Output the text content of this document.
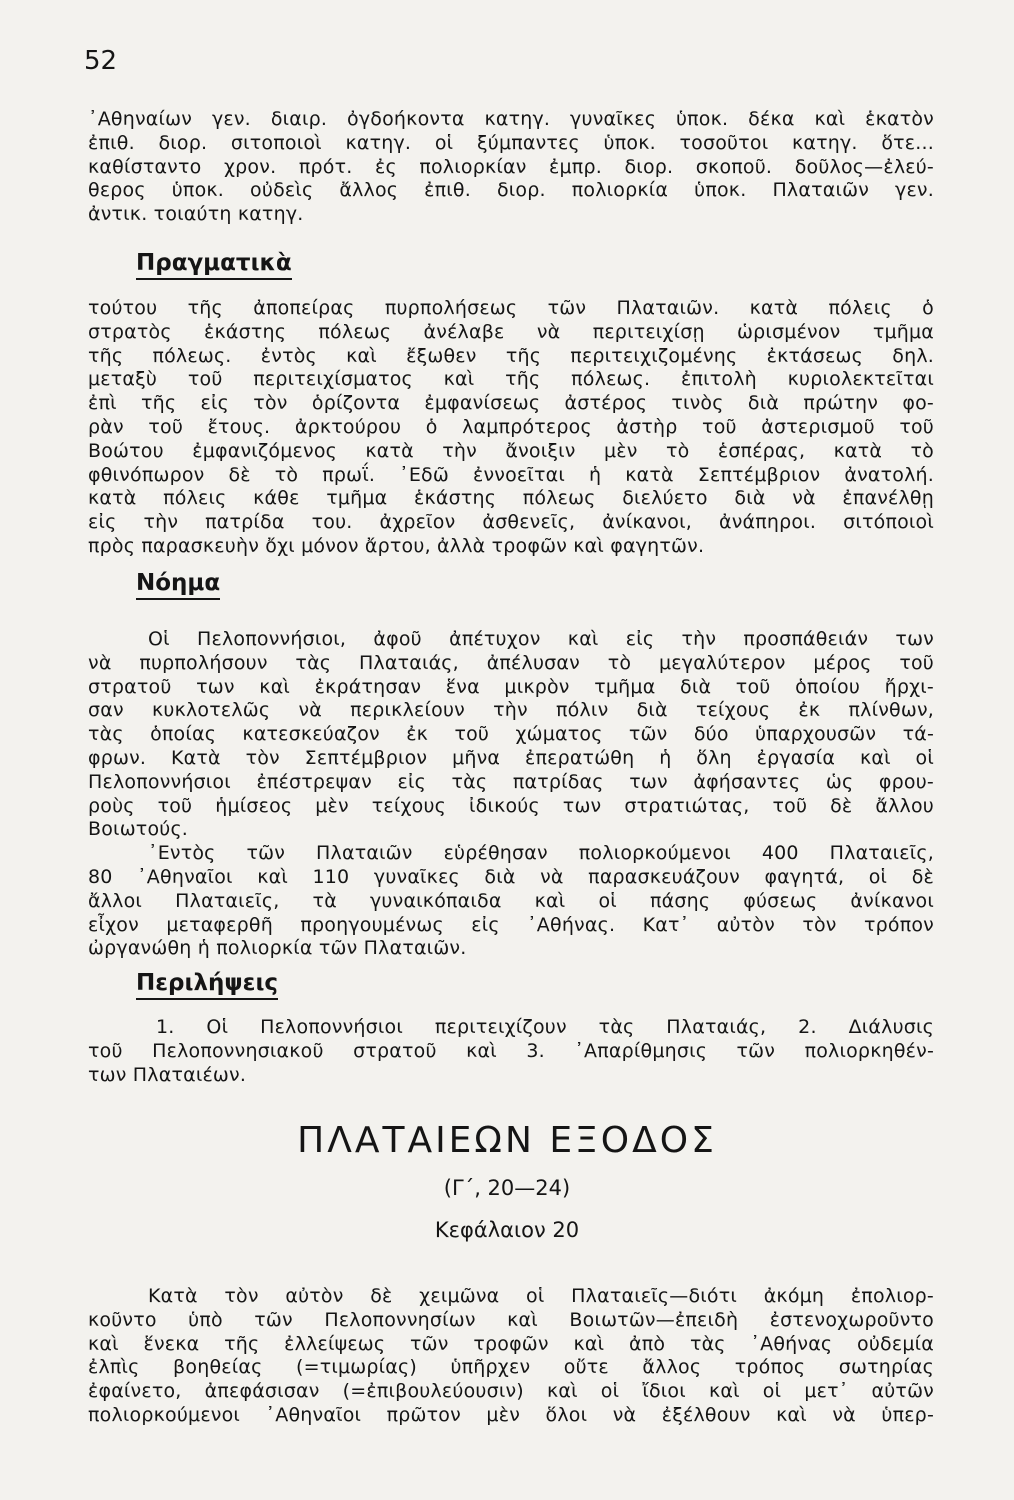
52
᾿Αθηναίων γεν. διαιρ. ὀγδοήκοντα κατηγ. γυναῖκες ὑποκ. δέκα καὶ ἑκατὸν
ἐπιθ. διορ. σιτοποιοὶ κατηγ. οἱ ξύμπαντες ὑποκ. τοσοῦτοι κατηγ. ὅτε...
καθίσταντο χρον. πρότ. ἐς πολιορκίαν ἐμπρ. διορ. σκοποῦ. δοῦλος—ἐλεύ-
θερος ὑποκ. οὐδεὶς ἄλλος ἐπιθ. διορ. πολιορκία ὑποκ. Πλαταιῶν γεν.
ἀντικ. τοιαύτη κατηγ.
Πραγματικὰ
τούτου τῆς ἀποπείρας πυρπολήσεως τῶν Πλαταιῶν. κατὰ πόλεις ὁ
στρατὸς ἑκάστης πόλεως ἀνέλαβε νὰ περιτειχίσῃ ὡρισμένον τμῆμα
τῆς πόλεως. ἐντὸς καὶ ἔξωθεν τῆς περιτειχιζομένης ἐκτάσεως δηλ.
μεταξὺ τοῦ περιτειχίσματος καὶ τῆς πόλεως. ἐπιτολὴ κυριολεκτεῖται
ἐπὶ τῆς εἰς τὸν ὁρίζοντα ἐμφανίσεως ἀστέρος τινὸς διὰ πρώτην φο-
ρὰν τοῦ ἔτους. ἀρκτούρου ὁ λαμπρότερος ἀστὴρ τοῦ ἀστερισμοῦ τοῦ
Βοώτου ἐμφανιζόμενος κατὰ τὴν ἄνοιξιν μὲν τὸ ἑσπέρας, κατὰ τὸ
φθινόπωρον δὲ τὸ πρωΐ. ᾿Εδῶ ἐννοεῖται ἡ κατὰ Σεπτέμβριον ἀνατολή.
κατὰ πόλεις κάθε τμῆμα ἑκάστης πόλεως διελύετο διὰ νὰ ἐπανέλθῃ
εἰς τὴν πατρίδα του. ἀχρεῖον ἀσθενεῖς, ἀνίκανοι, ἀνάπηροι. σιτόποιοὶ
πρὸς παρασκευὴν ὄχι μόνον ἄρτου, ἀλλὰ τροφῶν καὶ φαγητῶν.
Νόημα
Οἱ Πελοποννήσιοι, ἀφοῦ ἀπέτυχον καὶ εἰς τὴν προσπάθειάν των
νὰ πυρπολήσουν τὰς Πλαταιάς, ἀπέλυσαν τὸ μεγαλύτερον μέρος τοῦ
στρατοῦ των καὶ ἐκράτησαν ἕνα μικρὸν τμῆμα διὰ τοῦ ὁποίου ἤρχι-
σαν κυκλοτελῶς νὰ περικλείουν τὴν πόλιν διὰ τείχους ἐκ πλίνθων,
τὰς ὁποίας κατεσκεύαζον ἐκ τοῦ χώματος τῶν δύο ὑπαρχουσῶν τά-
φρων. Κατὰ τὸν Σεπτέμβριον μῆνα ἐπερατώθη ἡ ὅλη ἐργασία καὶ οἱ
Πελοποννήσιοι ἐπέστρεψαν εἰς τὰς πατρίδας των ἀφήσαντες ὡς φρου-
ροὺς τοῦ ἡμίσεος μὲν τείχους ἰδικούς των στρατιώτας, τοῦ δὲ ἄλλου
Βοιωτούς.
᾿Εντὸς τῶν Πλαταιῶν εὑρέθησαν πολιορκούμενοι 400 Πλαταιεῖς,
80 ᾿Αθηναῖοι καὶ 110 γυναῖκες διὰ νὰ παρασκευάζουν φαγητά, οἱ δὲ
ἄλλοι Πλαταιεῖς, τὰ γυναικόπαιδα καὶ οἱ πάσης φύσεως ἀνίκανοι
εἶχον μεταφερθῆ προηγουμένως εἰς ᾿Αθήνας. Κατ᾿ αὐτὸν τὸν τρόπον
ὠργανώθη ἡ πολιορκία τῶν Πλαταιῶν.
Περιλήψεις
1. Οἱ Πελοποννήσιοι περιτειχίζουν τὰς Πλαταιάς, 2. Διάλυσις
τοῦ Πελοποννησιακοῦ στρατοῦ καὶ 3. ᾿Απαρίθμησις τῶν πολιορκηθέν-
των Πλαταιέων.
ΠΛΑΤΑΙΕΩΝ ΕΞΟΔΟΣ
(Γ΄, 20—24)
Κεφάλαιον 20
Κατὰ τὸν αὐτὸν δὲ χειμῶνα οἱ Πλαταιεῖς—διότι ἀκόμη ἐπολιορ-
κοῦντο ὑπὸ τῶν Πελοποννησίων καὶ Βοιωτῶν—ἐπειδὴ ἐστενοχωροῦντο
καὶ ἕνεκα τῆς ἐλλείψεως τῶν τροφῶν καὶ ἀπὸ τὰς ᾿Αθήνας οὐδεμία
ἐλπὶς βοηθείας (=τιμωρίας) ὑπῆρχεν οὔτε ἄλλος τρόπος σωτηρίας
ἐφαίνετο, ἀπεφάσισαν (=ἐπιβουλεύουσιν) καὶ οἱ ἴδιοι καὶ οἱ μετ᾿ αὐτῶν
πολιορκούμενοι ᾿Αθηναῖοι πρῶτον μὲν ὅλοι νὰ ἐξέλθουν καὶ νὰ ὑπερ-
